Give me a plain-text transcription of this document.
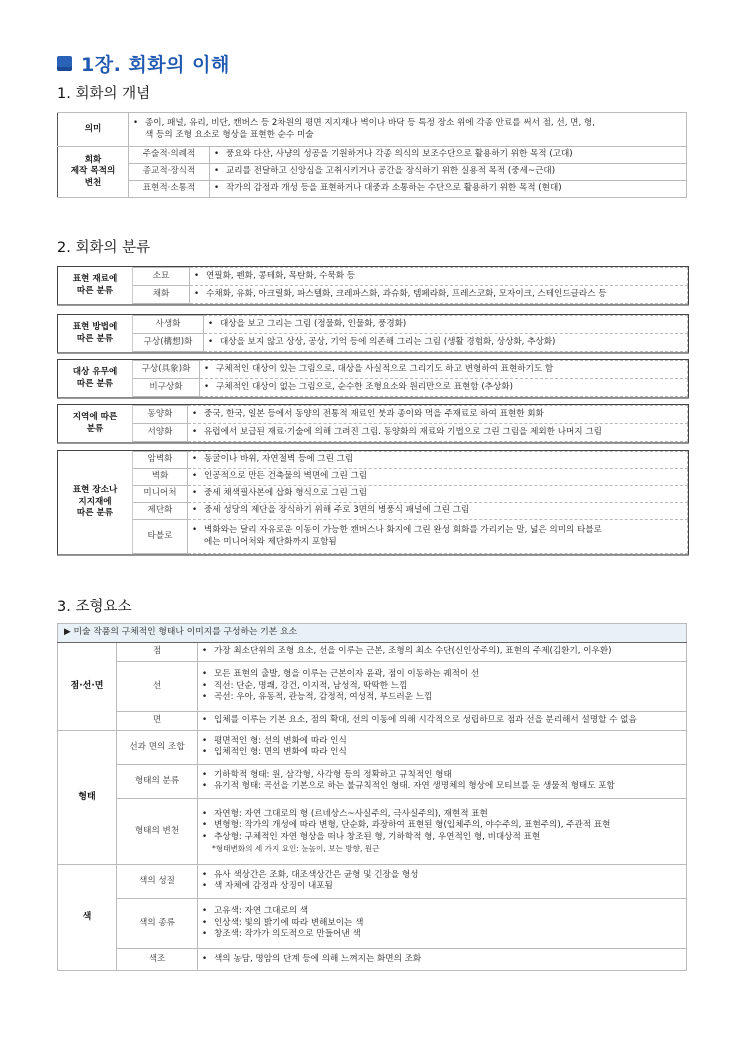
1장. 회화의 이해
1. 회화의 개념
의미	• 종이, 패널, 유리, 비단, 캔버스 등 2차원의 평면 지지재나 벽이나 바닥 등 특정 장소 위에 각종 안료를 써서 점, 선, 면, 형,
색 등의 조형 요소로 형상을 표현한 순수 미술	

회화
제작 목적의
변천	주술적·의례적	• 풍요와 다산, 사냥의 성공을 기원하거나 각종 의식의 보조수단으로 활용하기 위한 목적 (고대)
	종교적·장식적	• 교리를 전달하고 신앙심을 고취시키거나 공간을 장식하기 위한 실용적 목적 (중세~근대)
	표현적·소통적	• 작가의 감정과 개성 등을 표현하거나 대중과 소통하는 수단으로 활용하기 위한 목적 (현대)
2. 회화의 분류
표현 재료에
따른 분류	소묘	• 연필화, 펜화, 콩테화, 목탄화, 수묵화 등
	채화	• 수채화, 유화, 아크릴화, 파스텔화, 크레파스화, 과슈화, 템페라화, 프레스코화, 모자이크, 스테인드글라스 등
표현 방법에
따른 분류	사생화	• 대상을 보고 그리는 그림 (정물화, 인물화, 풍경화)
	구상(構想)화	• 대상을 보지 않고 상상, 공상, 기억 등에 의존해 그리는 그림 (생활 경험화, 상상화, 추상화)
대상 유무에
따른 분류	구상(具象)화	• 구체적인 대상이 있는 그림으로, 대상을 사실적으로 그리기도 하고 변형하여 표현하기도 함
	비구상화	• 구체적인 대상이 없는 그림으로, 순수한 조형요소와 원리만으로 표현함 (추상화)
지역에 따른
분류	동양화	• 중국, 한국, 일본 등에서 동양의 전통적 재료인 붓과 종이와 먹을 주재료로 하여 표현한 회화
	서양화	• 유럽에서 보급된 재료·기술에 의해 그려진 그림. 동양화의 재료와 기법으로 그린 그림을 제외한 나머지 그림
표현 장소나
지지재에
따른 분류	암벽화	• 동굴이나 바위, 자연절벽 등에 그린 그림
	벽화	• 인공적으로 만든 건축물의 벽면에 그린 그림
	미니어처	• 중세 채색필사본에 삽화 형식으로 그린 그림
	제단화	• 중세 성당의 제단을 장식하기 위해 주로 3면의 병풍식 패널에 그린 그림
	타블로	• 벽화와는 달리 자유로운 이동이 가능한 캔버스나 화지에 그린 완성 회화를 가리키는 말, 넓은 의미의 타블로
에는 미니어처와 제단화까지 포함됨
3. 조형요소
▶ 미술 작품의 구체적인 형태나 이미지를 구성하는 기본 요소		
점·선·면	점	• 가장 최소단위의 조형 요소, 선을 이루는 근본, 조형의 최소 수단(신인상주의), 표현의 주제(김환기, 이우환)
	선	• 모든 표현의 출발, 형을 이루는 근본이자 윤곽, 점이 이동하는 궤적이 선
• 직선: 단순, 명쾌, 강건, 이지적, 남성적, 딱딱한 느낌
• 곡선: 우아, 유동적, 관능적, 감정적, 여성적, 부드러운 느낌

	면	• 입체를 이루는 기본 요소, 점의 확대, 선의 이동에 의해 시각적으로 성립하므로 점과 선을 분리해서 설명할 수 없음
형태	선과 면의 조합	• 평면적인 형: 선의 변화에 따라 인식
• 입체적인 형: 면의 변화에 따라 인식

	형태의 분류	• 기하학적 형태: 원, 삼각형, 사각형 등의 정확하고 규칙적인 형태
• 유기적 형태: 곡선을 기본으로 하는 불규칙적인 형태. 자연 생명체의 형상에 모티브를 둔 생물적 형태도 포함

	형태의 변천	• 자연형: 자연 그대로의 형 (르네상스~사실주의, 극사실주의), 재현적 표현
• 변형형: 작가의 개성에 따라 변형, 단순화, 과장하여 표현된 형(입체주의, 야수주의, 표현주의), 주관적 표현
• 추상형: 구체적인 자연 형상을 떠나 창조된 형, 기하학적 형, 우연적인 형, 비대상적 표현
*형태변화의 세 가지 요인: 눈높이, 보는 방향, 원근

색	색의 성질	• 유사 색상간은 조화, 대조색상간은 균형 및 긴장을 형성
• 색 자체에 감정과 상징이 내포됨

	색의 종류	• 고유색: 자연 그대로의 색
• 인상색: 빛의 밝기에 따라 변해보이는 색
• 창조색: 작가가 의도적으로 만들어낸 색

	색조	• 색의 농담, 명암의 단계 등에 의해 느껴지는 화면의 조화
